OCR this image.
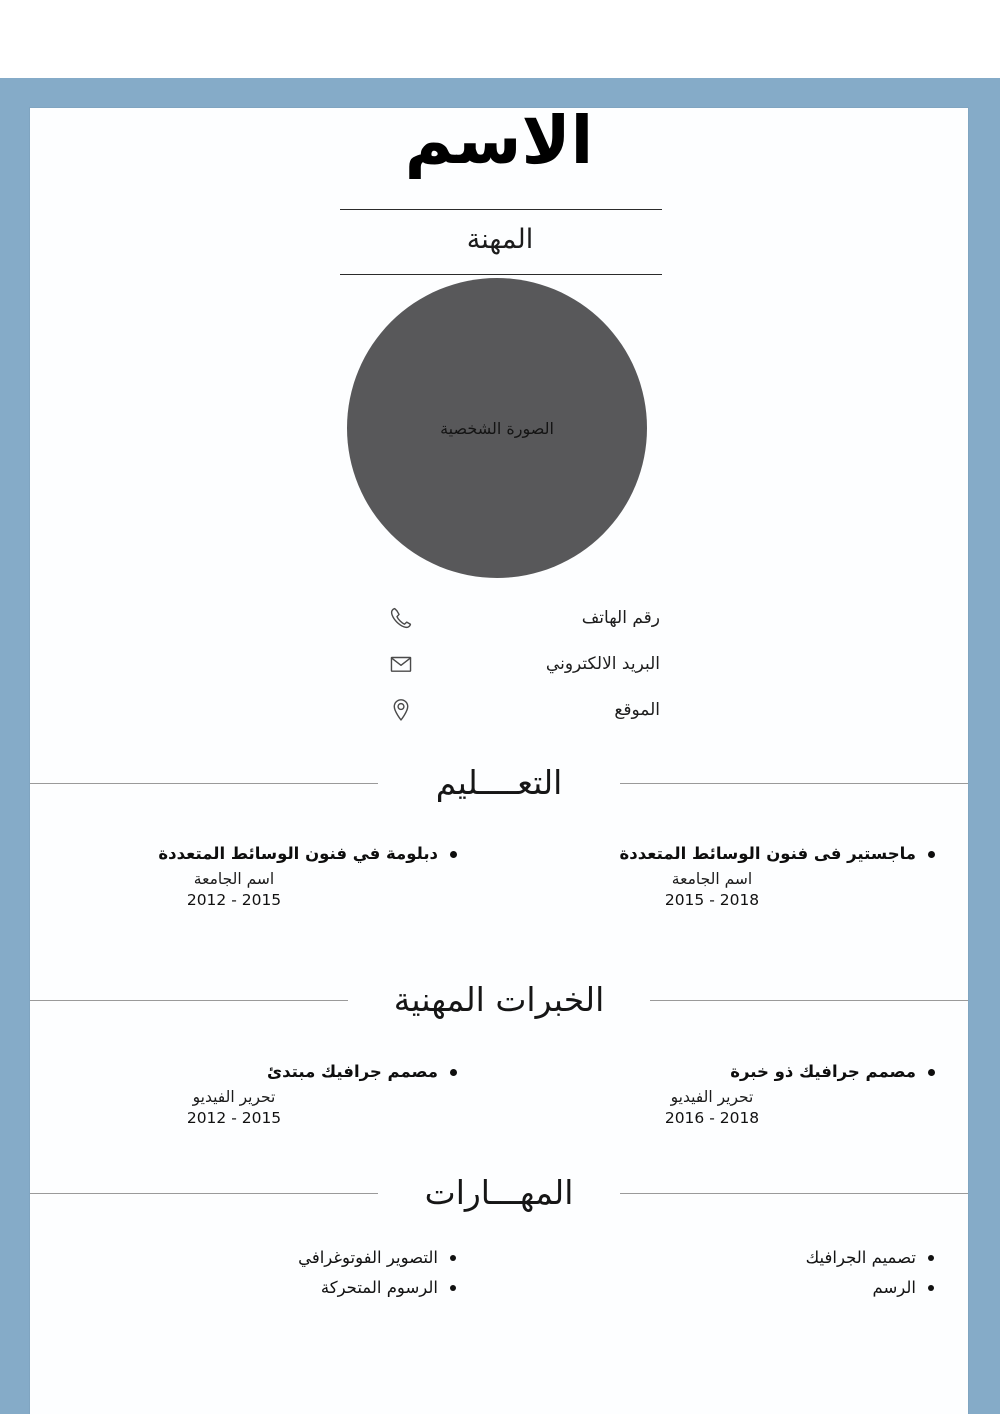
الاسم
المهنة
الصورة الشخصية
رقم الهاتف
البريد الالكتروني
الموقع
التعــــليم
ماجستير فى فنون الوسائط المتعددة
اسم الجامعة
2015 - 2018
دبلومة في فنون الوسائط المتعددة
اسم الجامعة
2012 - 2015
الخبرات المهنية
مصمم جرافيك ذو خبرة
تحرير الفيديو
2016 - 2018
مصمم جرافيك مبتدئ
تحرير الفيديو
2012 - 2015
المهـــارات
تصميم الجرافيك
الرسم
التصوير الفوتوغرافي
الرسوم المتحركة
